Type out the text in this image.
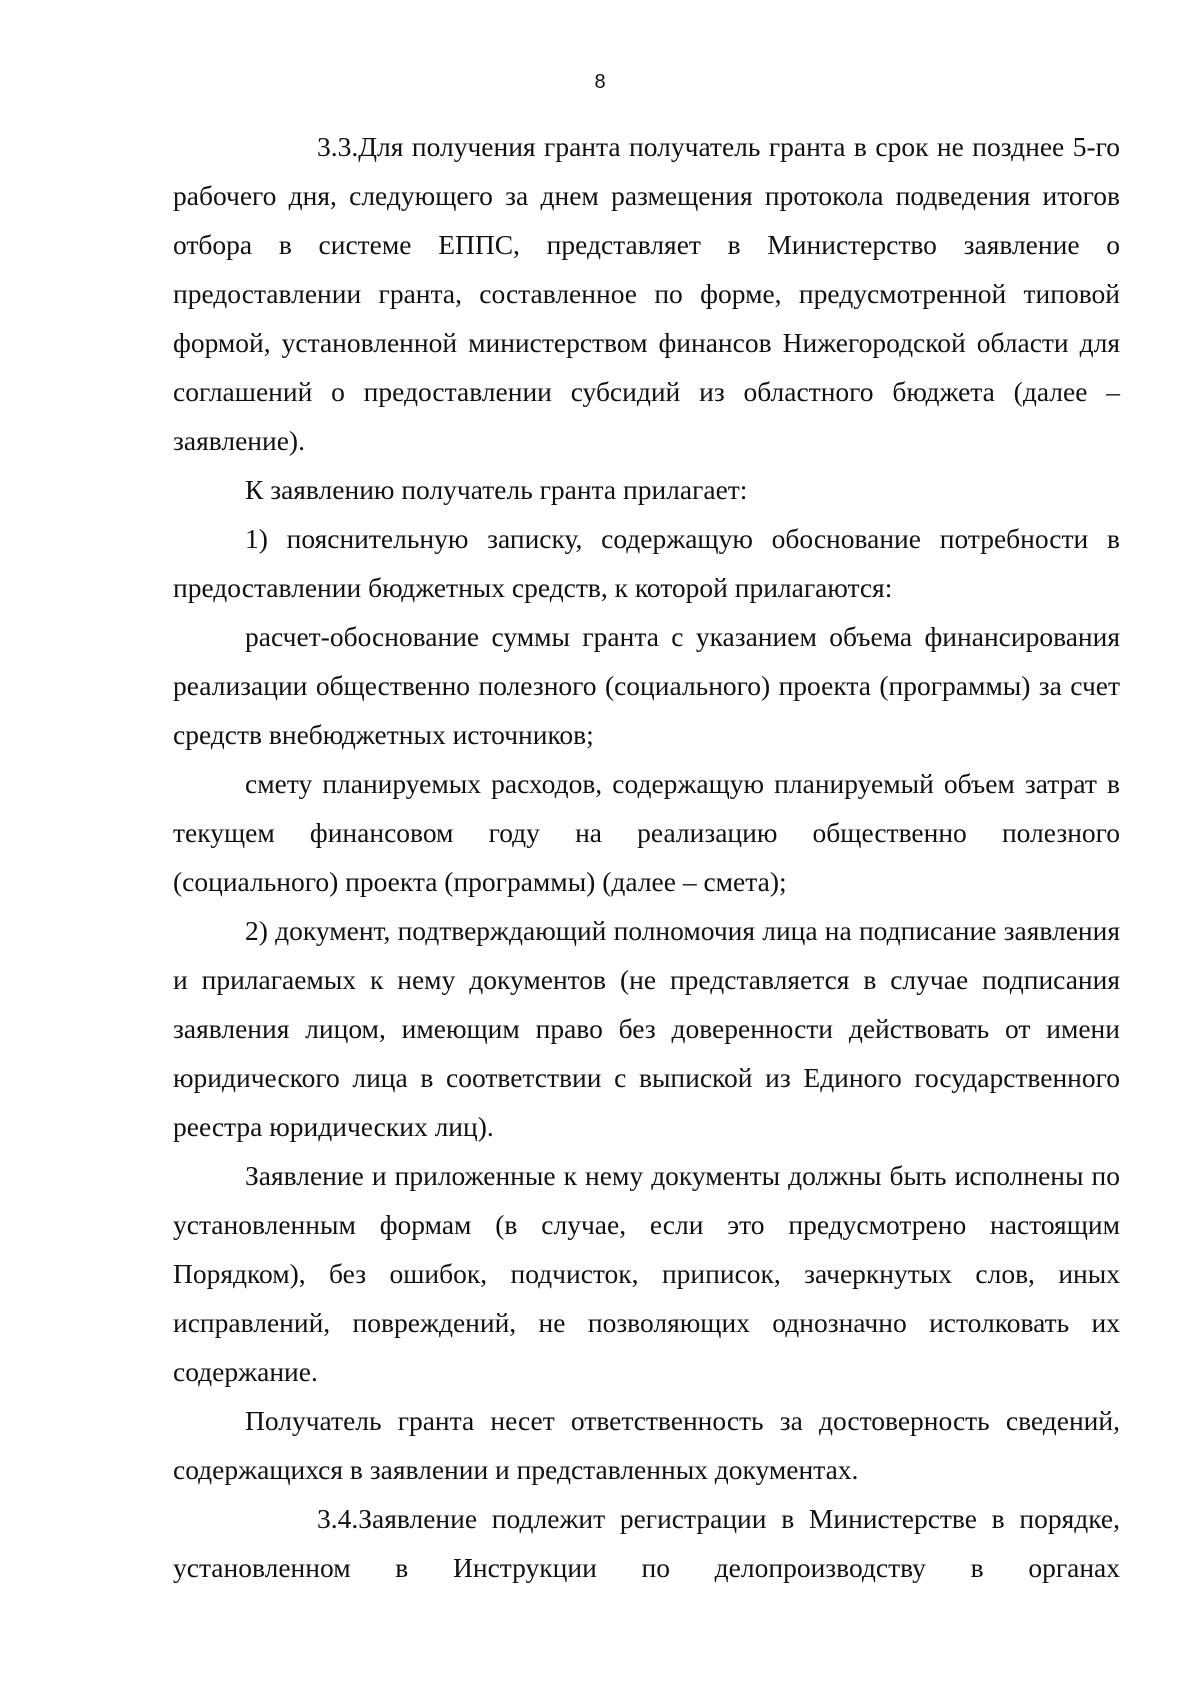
8

3.3.Для получения гранта получатель гранта в срок не позднее 5-го рабочего дня, следующего за днем размещения протокола подведения итогов отбора в системе ЕППС, представляет в Министерство заявление о предоставлении гранта, составленное по форме, предусмотренной типовой формой, установленной министерством финансов Нижегородской области для соглашений о предоставлении субсидий из областного бюджета (далее – заявление).

К заявлению получатель гранта прилагает:

1) пояснительную записку, содержащую обоснование потребности в предоставлении бюджетных средств, к которой прилагаются:

расчет-обоснование суммы гранта с указанием объема финансирования реализации общественно полезного (социального) проекта (программы) за счет средств внебюджетных источников;

смету планируемых расходов, содержащую планируемый объем затрат в текущем финансовом году на реализацию общественно полезного (социального) проекта (программы) (далее – смета);

2) документ, подтверждающий полномочия лица на подписание заявления и прилагаемых к нему документов (не представляется в случае подписания заявления лицом, имеющим право без доверенности действовать от имени юридического лица в соответствии с выпиской из Единого государственного реестра юридических лиц).

Заявление и приложенные к нему документы должны быть исполнены по установленным формам (в случае, если это предусмотрено настоящим Порядком), без ошибок, подчисток, приписок, зачеркнутых слов, иных исправлений, повреждений, не позволяющих однозначно истолковать их содержание.

Получатель гранта несет ответственность за достоверность сведений, содержащихся в заявлении и представленных документах.

3.4.Заявление подлежит регистрации в Министерстве в порядке, установленном в Инструкции по делопроизводству в органах
